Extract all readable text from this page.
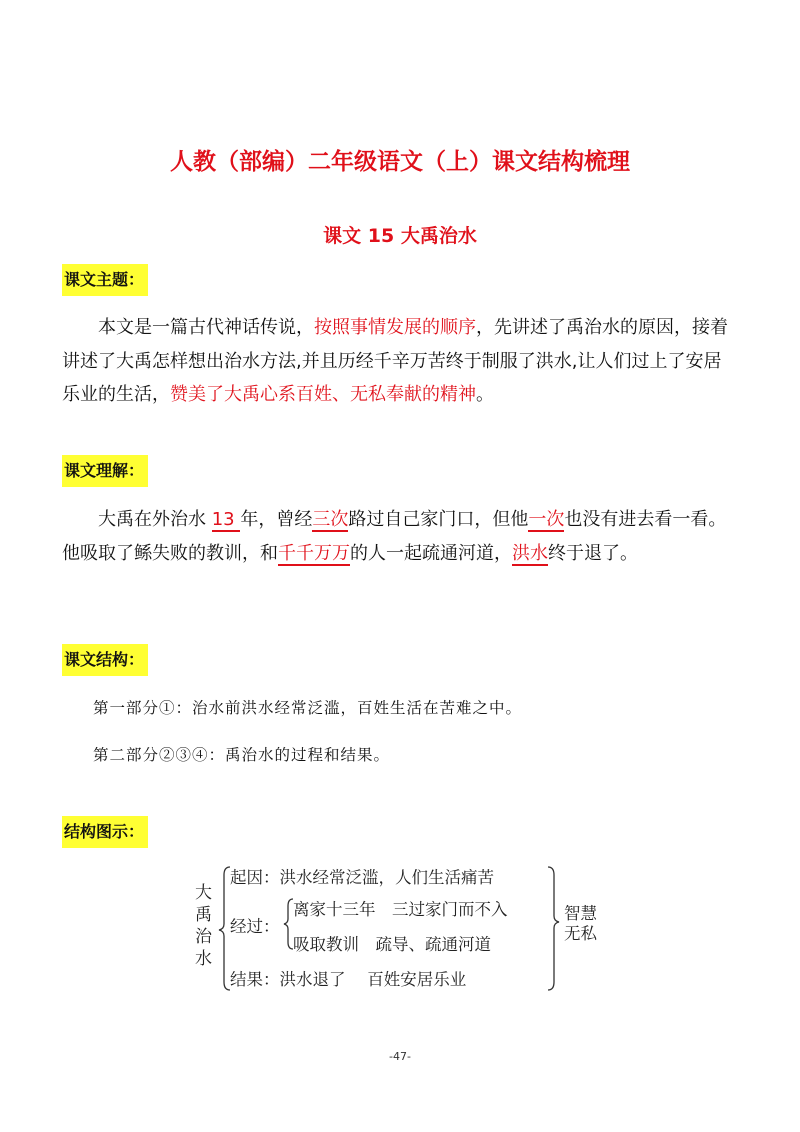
人教（部编）二年级语文（上）课文结构梳理
课文 15 大禹治水
课文主题：
本文是一篇古代神话传说，按照事情发展的顺序，先讲述了禹治水的原因，接着讲述了大禹怎样想出治水方法,并且历经千辛万苦终于制服了洪水,让人们过上了安居乐业的生活，赞美了大禹心系百姓、无私奉献的精神。
课文理解：
大禹在外治水 13 年，曾经三次路过自己家门口，但他一次也没有进去看一看。他吸取了鲧失败的教训，和千千万万的人一起疏通河道，洪水终于退了。
课文结构：
第一部分①：治水前洪水经常泛滥，百姓生活在苦难之中。
第二部分②③④：禹治水的过程和结果。
结构图示：
大
禹
治
水
起因：洪水经常泛滥，人们生活痛苦
经过：
离家十三年　三过家门而不入
吸取教训　疏导、疏通河道
结果：洪水退了　 百姓安居乐业
智慧
无私
-47-
